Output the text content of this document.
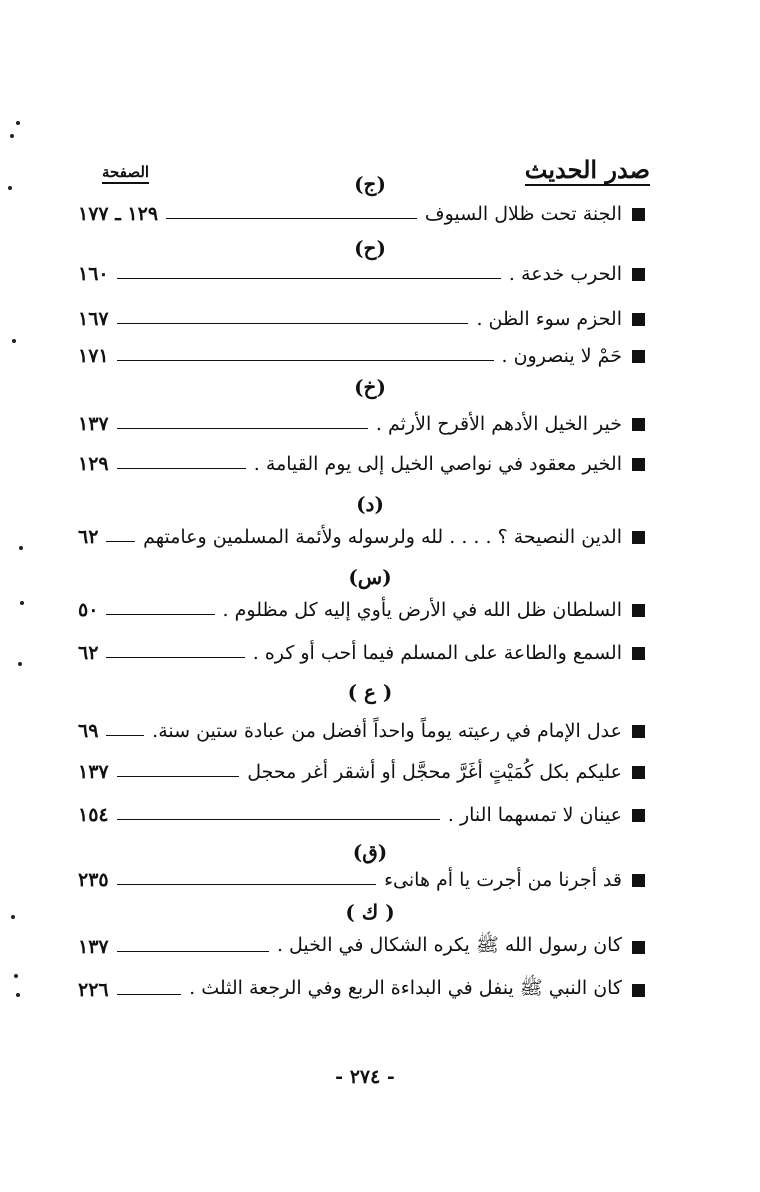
الصفحة	صدر الحديث
(ج)
الجنة تحت ظلال السيوف
١٢٩ ـ ١٧٧
(ح)
الحرب خدعة .
١٦٠
الحزم سوء الظن .
١٦٧
حَمْ لا ينصرون .
١٧١
(خ)
خير الخيل الأدهم الأقرح الأرثم .
١٣٧
الخير معقود في نواصي الخيل إلى يوم القيامة .
١٢٩
(د)
الدين النصيحة ؟ . . . . لله ولرسوله ولأئمة المسلمين وعامتهم
٦٢
(س)
السلطان ظل الله في الأرض يأوي إليه كل مظلوم .
٥٠
السمع والطاعة على المسلم فيما أحب أو كره .
٦٢
( ع )
عدل الإمام في رعيته يوماً واحداً أفضل من عبادة ستين سنة.
٦٩
عليكم بكل كُمَيْتٍ أغَرَّ محجَّل أو أشقر أغر محجل
١٣٧
عينان لا تمسهما النار .
١٥٤
(ق)
قد أجرنا من أجرت يا أم هانىء
٢٣٥
( ك )
كان رسول الله ﷺ يكره الشكال في الخيل .
١٣٧
كان النبي ﷺ ينفل في البداءة الربع وفي الرجعة الثلث .
٢٢٦
- ٢٧٤ -
